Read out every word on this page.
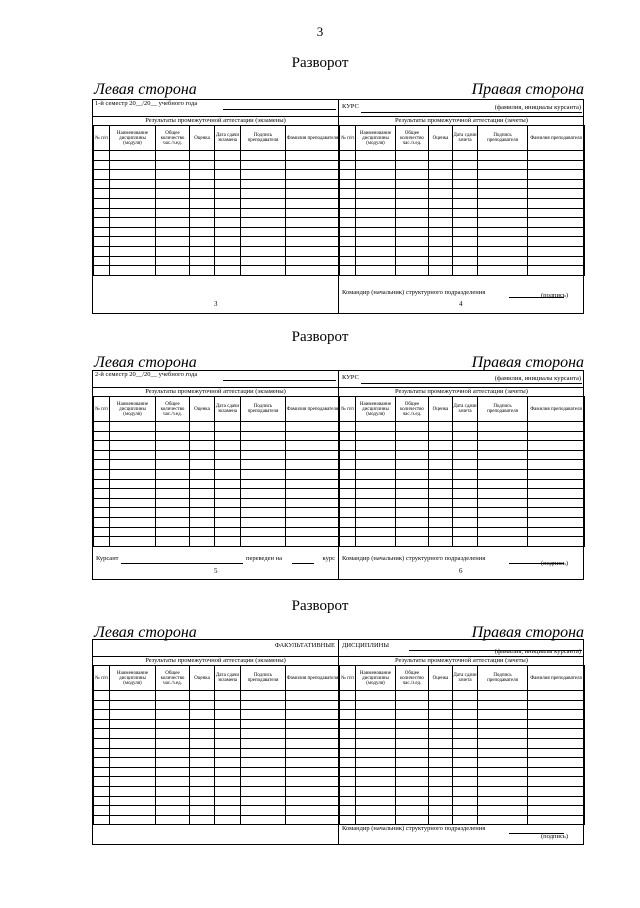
3
Разворот
Левая сторона	Правая сторона
1-й семестр 20__/20__ учебного года
Результаты промежуточной аттестации (экзамены)
№ п/п	Наименование дисциплины (модуля)	Общее количество час./з.ед.	Оценка	Дата сдачи экзамена	Подпись преподавателя	Фамилия преподавателя

3
КУРС	(фамилия, инициалы курсанта)
Результаты промежуточной аттестации (зачеты)
№ п/п	Наименование дисциплины (модуля)	Общее количество час./з.ед.	Оценка	Дата сдачи зачета	Подпись преподавателя	Фамилия преподавателя

Командир (начальник) структурного подразделения	(подпись)
4
Разворот
Левая сторона	Правая сторона
2-й семестр 20__/20__ учебного года
Результаты промежуточной аттестации (экзамены)
№ п/п	Наименование дисциплины (модуля)	Общее количество час./з.ед.	Оценка	Дата сдачи экзамена	Подпись преподавателя	Фамилия преподавателя

Курсант	переведен на	курс
5
КУРС	(фамилия, инициалы курсанта)
Результаты промежуточной аттестации (зачеты)
№ п/п	Наименование дисциплины (модуля)	Общее количество час./з.ед.	Оценка	Дата сдачи зачета	Подпись преподавателя	Фамилия преподавателя

Командир (начальник) структурного подразделения
(подпись)
6
Разворот
Левая сторона	Правая сторона
ФАКУЛЬТАТИВНЫЕ
Результаты промежуточной аттестации (экзамены)
№ п/п	Наименование дисциплины (модуля)	Общее количество час./з.ед.	Оценка	Дата сдачи экзамена	Подпись преподавателя	Фамилия преподавателя

ДИСЦИПЛИНЫ
(фамилия, инициалы курсанта)
Результаты промежуточной аттестации (зачеты)
№ п/п	Наименование дисциплины (модуля)	Общее количество час./з.ед.	Оценка	Дата сдачи зачета	Подпись преподавателя	Фамилия преподавателя

Командир (начальник) структурного подразделения
(подпись)
